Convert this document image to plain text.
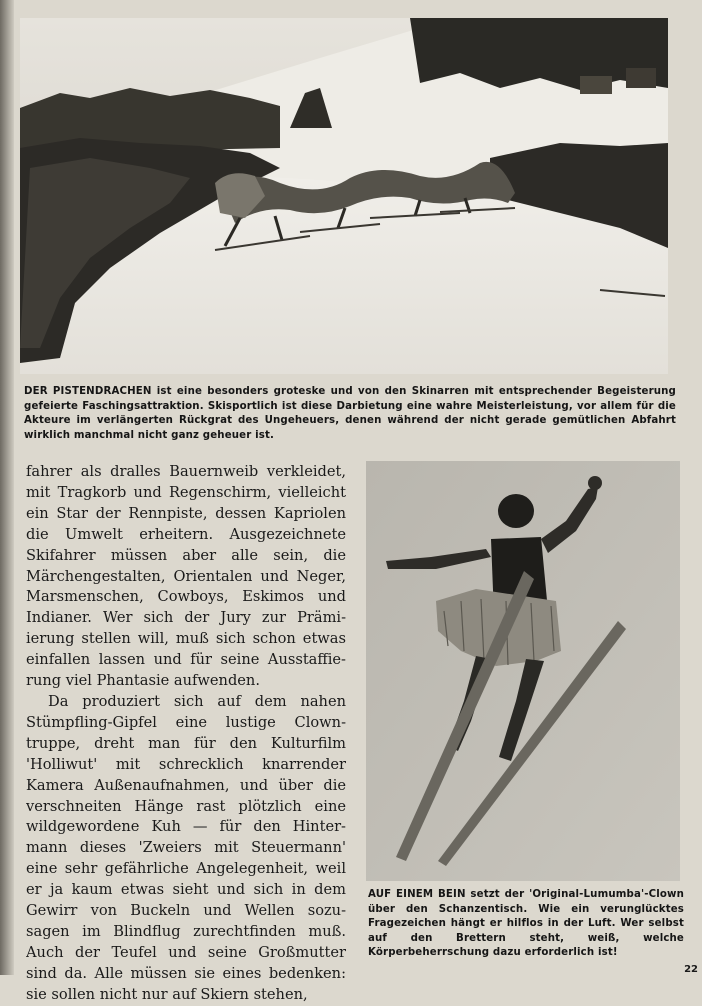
DER PISTENDRACHEN ist eine besonders groteske und von den Skinarren mit entsprechender Begeisterung gefeierte Faschingsattraktion. Skisportlich ist diese Darbietung eine wahre Meisterleistung, vor allem für die Akteure im verlängerten Rückgrat des Ungeheuers, denen während der nicht gerade gemütlichen Abfahrt wirklich manchmal nicht ganz geheuer ist.

fahrer als dralles Bauernweib verkleidet,
mit Tragkorb und Regenschirm, vielleicht
ein Star der Rennpiste, dessen Kapriolen
die Umwelt erheitern. Ausgezeichnete
Skifahrer müssen aber alle sein, die
Märchengestalten, Orientalen und Neger,
Marsmenschen, Cowboys, Eskimos und
Indianer. Wer sich der Jury zur Prämi-
ierung stellen will, muß sich schon etwas
einfallen lassen und für seine Ausstaffie-
rung viel Phantasie aufwenden.
Da produziert sich auf dem nahen
Stümpfling-Gipfel eine lustige Clown-
truppe, dreht man für den Kulturfilm
'Holliwut' mit schrecklich knarrender
Kamera Außenaufnahmen, und über die
verschneiten Hänge rast plötzlich eine
wildgewordene Kuh — für den Hinter-
mann dieses 'Zweiers mit Steuermann'
eine sehr gefährliche Angelegenheit, weil
er ja kaum etwas sieht und sich in dem
Gewirr von Buckeln und Wellen sozu-
sagen im Blindflug zurechtfinden muß.
Auch der Teufel und seine Großmutter
sind da. Alle müssen sie eines bedenken:
sie sollen nicht nur auf Skiern stehen,

AUF EINEM BEIN setzt der 'Original-Lumumba'-Clown über den Schanzentisch. Wie ein verunglücktes Fragezeichen hängt er hilflos in der Luft. Wer selbst auf den Brettern steht, weiß, welche Körperbeherrschung dazu erforderlich ist!

22
